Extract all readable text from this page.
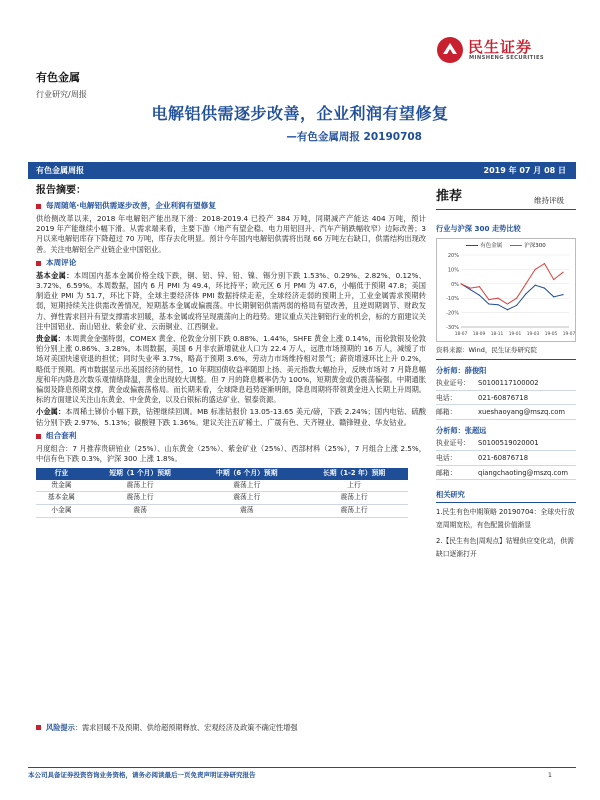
民生证券
MINSHENG SECURITIES
有色金属
行业研究/周报
电解铝供需逐步改善，企业利润有望修复
—有色金属周报 20190708
有色金属周报	2019 年 07 月 08 日
报告摘要：
每周随笔·电解铝供需逐步改善，企业利润有望修复
供给侧改革以来，2018 年电解铝产能出现下滑：2018-2019.4 已投产 384 万吨，同期减产产能达 404 万吨，预计 2019 年产能继续小幅下滑。从需求端来看，主要下游（地产有望企稳、电力用铝回升、汽车产销跌幅收窄）边际改善；3 月以来电解铝库存下降超过 70 万吨，库存去化明显。预计今年国内电解铝供需将出现 66 万吨左右缺口，供需结构出现改善。关注电解铝全产业链企业中国铝业。
本周评论
基本金属：本周国内基本金属价格全线下跌，铜、铝、锌、铅、镍、锡分别下跌 1.53%、0.29%、2.82%、0.12%、3.72%、6.59%。本周数据，国内 6 月 PMI 为 49.4，环比持平；欧元区 6 月 PMI 为 47.6，小幅低于预期 47.8；美国制造业 PMI 为 51.7，环比下降，全球主要经济体 PMI 数据持续走差，全球经济走弱的预期上升，工业金属需求预期转弱，短期持续关注供需改善情况，短期基本金属或偏震荡。中长期铜铝供需两弱的格局有望改善，且逆周期调节、财政发力、弹性需求回升有望支撑需求回暖，基本金属或将呈现震荡向上的趋势。建议重点关注铜铝行业的机会，标的方面建议关注中国铝业、南山铝业、紫金矿业、云南铜业、江西铜业。
贵金属：本周黄金金强特弱，COMEX 黄金、伦敦金分别下跌 0.88%、1.44%，SHFE 黄金上涨 0.14%，而伦敦银及伦敦铂分别上涨 0.86%、3.28%。本周数据，美国 6 月非农新增就业人口为 22.4 万人，远胜市场预期的 16 万人，减缓了市场对美国快速衰退的担忧；同时失业率 3.7%，略高于预期 3.6%，劳动力市场维持相对景气；薪资增速环比上升 0.2%，略低于预期。两市数据显示出美国经济的韧性，10 年期国债收益率随即上扬、美元指数大幅抬升，反映市场对 7 月降息幅度和年内降息次数乐观情绪降温，黄金出现较大调整。但 7 月的降息概率仍为 100%，短期黄金或仍震荡偏强。中期通胀偏弱及降息预期支撑，黄金或偏震荡格局。而长期来看，全球降息趋势逐渐明朗，降息周期将带领黄金进入长期上升周期。标的方面建议关注山东黄金、中金黄金，以及白银标的盛达矿业、银泰资源。
小金属：本周稀土锑价小幅下跌，钴锂继续回调。MB 标准钴报价 13.05-13.65 美元/磅，下跌 2.24%；国内电钴、硫酸钴分别下跌 2.97%、5.13%；碳酸锂下跌 1.36%。建议关注五矿稀土、广晟有色、天齐锂业、赣锋锂业、华友钴业。
组合套利
月度组合：7 月推荐贵研铂业（25%）、山东黄金（25%）、紫金矿业（25%）、西部材料（25%），7 月组合上涨 2.5%，中信有色下跌 0.3%，沪深 300 上涨 1.8%。
行业	短期（1 个月）预期	中期（6 个月）预期	长期（1-2 年）预期
贵金属	震荡上行	震荡上行	上行
基本金属	震荡上行	震荡上行	震荡上行
小金属	震荡	震荡	震荡上行
推荐	维持评级
行业与沪深 300 走势比较
有色金属	沪深300
20%
10%
0%
-10%
-20%
-30%
18-07 18-09 18-11 19-01 19-03 19-05 19-07
资料来源：Wind，民生证券研究院
分析师：薛俊阳
执业证号：	S0100117100002
电话：	021-60876718
邮箱：	xueshaoyang@mszq.com
分析师：张超远
执业证号：	S0100519020001
电话：	021-60876718
邮箱：	qiangchaoting@mszq.com
相关研究
1.民生有色中期策略 20190704：全球央行放宽周期宽松，有色配置价值渐显
2.【民生有色|周观点】钴锂供应变化动，供需缺口逐渐打开
风险提示：需求回暖不及预期、供给超预期释放、宏观经济及政策不确定性增强
本公司具备证券投资咨询业务资格，请务必阅读最后一页免责声明证券研究报告	1
